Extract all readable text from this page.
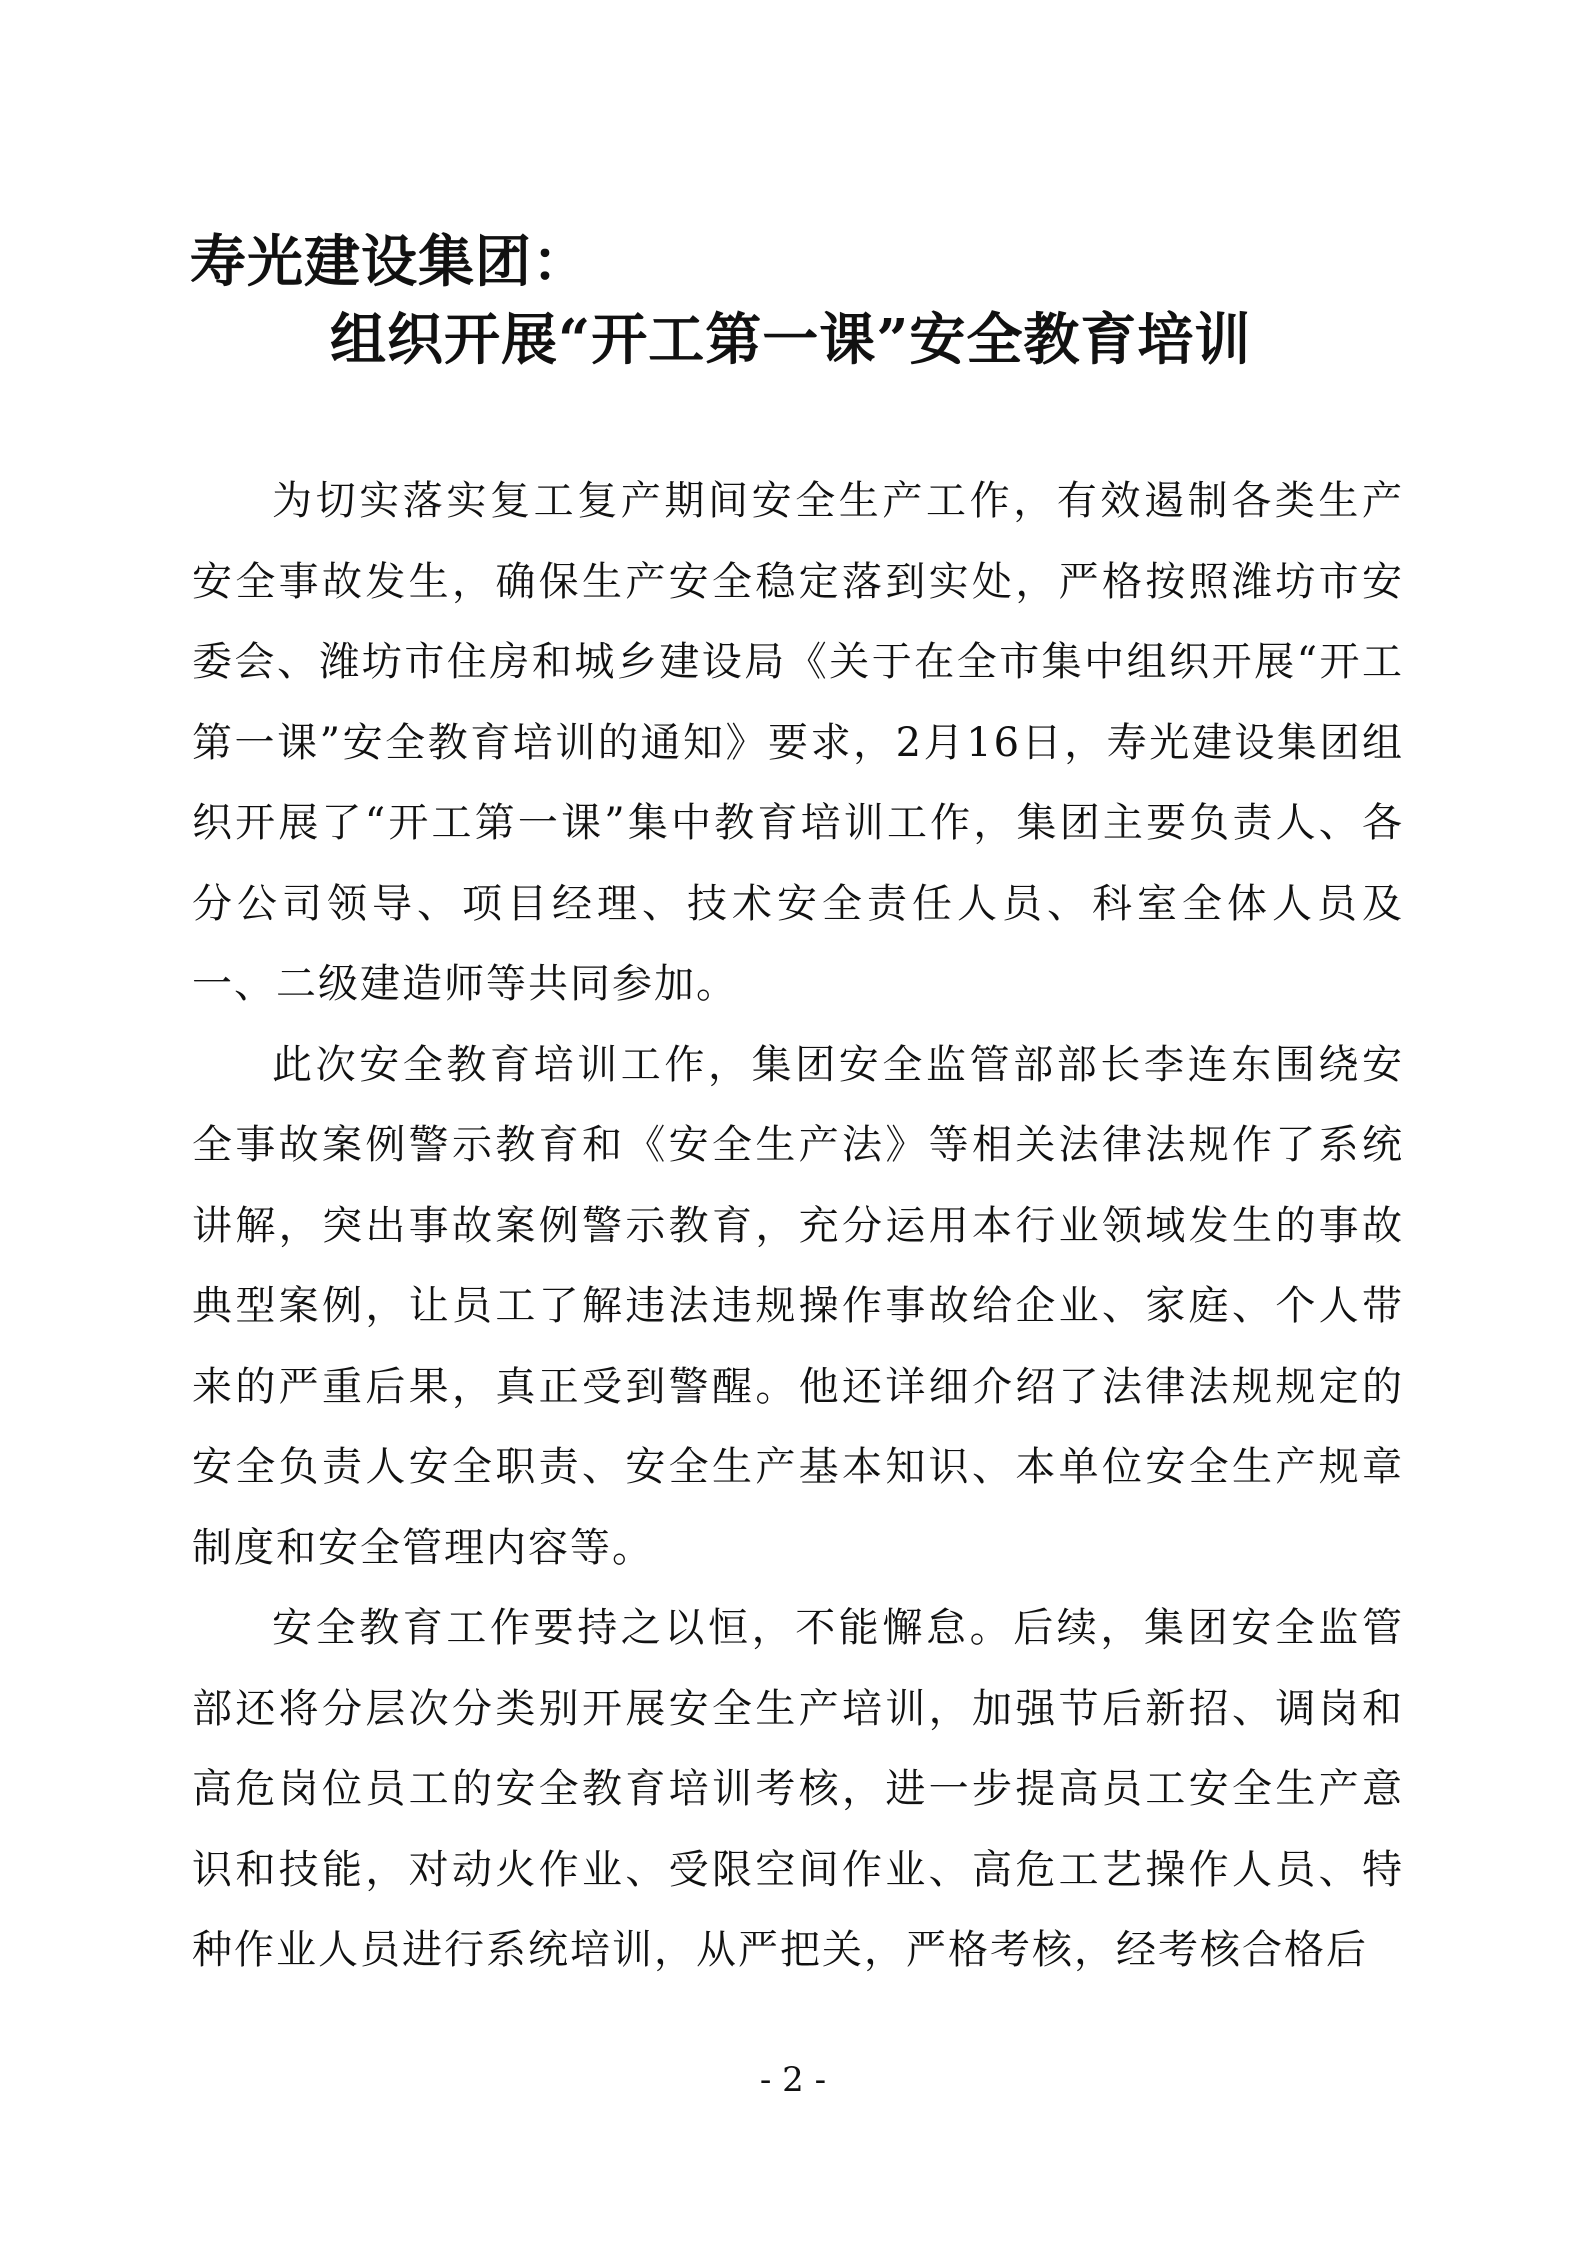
寿光建设集团：
组织开展“开工第一课”安全教育培训

为切实落实复工复产期间安全生产工作，有效遏制各类生产安全事故发生，确保生产安全稳定落到实处，严格按照潍坊市安委会、潍坊市住房和城乡建设局《关于在全市集中组织开展“开工第一课”安全教育培训的通知》要求，2月16日，寿光建设集团组织开展了“开工第一课”集中教育培训工作，集团主要负责人、各分公司领导、项目经理、技术安全责任人员、科室全体人员及一、二级建造师等共同参加。

此次安全教育培训工作，集团安全监管部部长李连东围绕安全事故案例警示教育和《安全生产法》等相关法律法规作了系统讲解，突出事故案例警示教育，充分运用本行业领域发生的事故典型案例，让员工了解违法违规操作事故给企业、家庭、个人带来的严重后果，真正受到警醒。他还详细介绍了法律法规规定的安全负责人安全职责、安全生产基本知识、本单位安全生产规章制度和安全管理内容等。

安全教育工作要持之以恒，不能懈怠。后续，集团安全监管部还将分层次分类别开展安全生产培训，加强节后新招、调岗和高危岗位员工的安全教育培训考核，进一步提高员工安全生产意识和技能，对动火作业、受限空间作业、高危工艺操作人员、特种作业人员进行系统培训，从严把关，严格考核，经考核合格后

- 2 -
